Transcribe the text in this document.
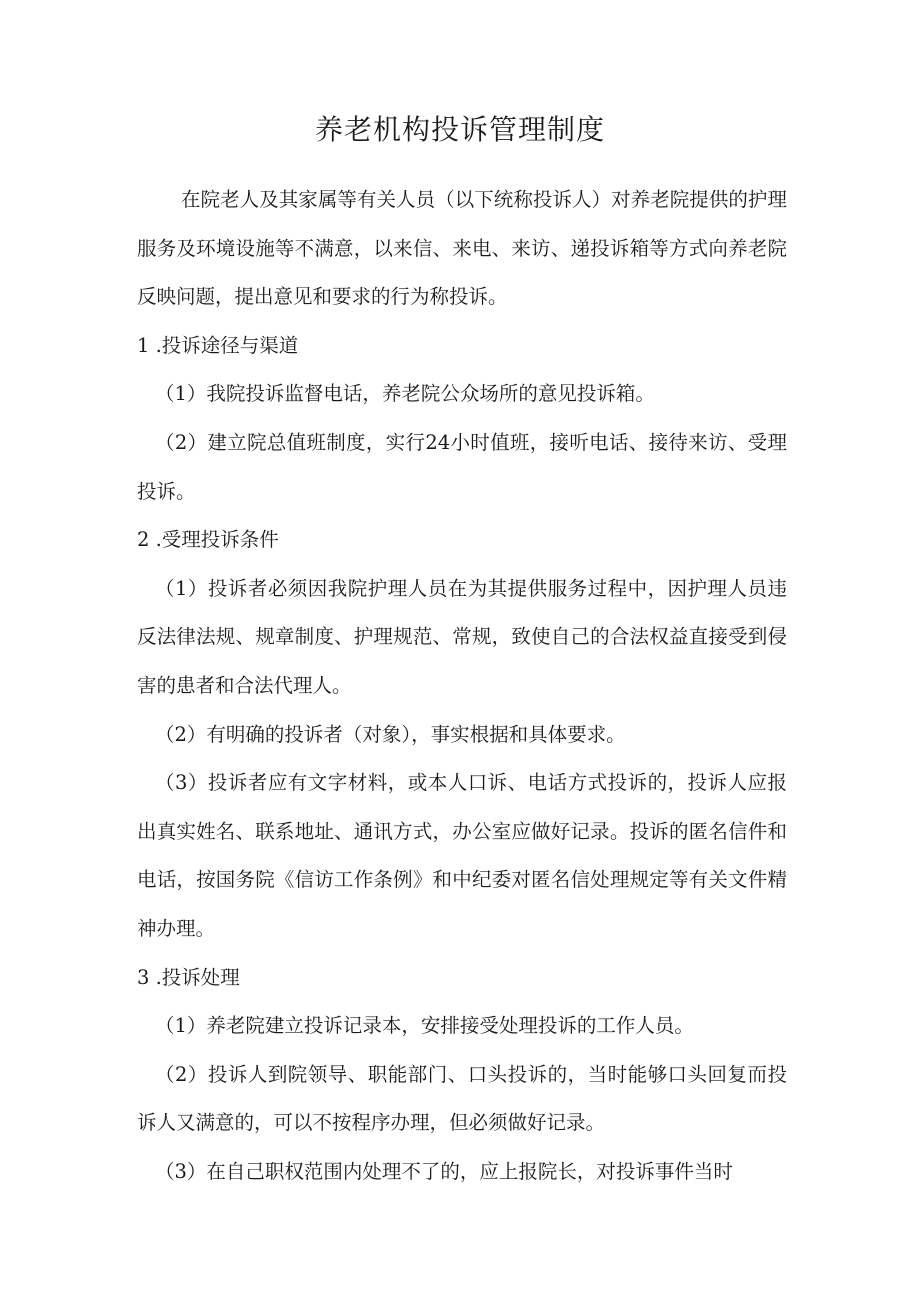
养老机构投诉管理制度

在院老人及其家属等有关人员（以下统称投诉人）对养老院提供的护理服务及环境设施等不满意，以来信、来电、来访、递投诉箱等方式向养老院反映问题，提出意见和要求的行为称投诉。

1 .投诉途径与渠道

（1）我院投诉监督电话，养老院公众场所的意见投诉箱。

（2）建立院总值班制度，实行24小时值班，接听电话、接待来访、受理投诉。

2 .受理投诉条件

（1）投诉者必须因我院护理人员在为其提供服务过程中，因护理人员违反法律法规、规章制度、护理规范、常规，致使自己的合法权益直接受到侵害的患者和合法代理人。

（2）有明确的投诉者（对象），事实根据和具体要求。

（3）投诉者应有文字材料，或本人口诉、电话方式投诉的，投诉人应报出真实姓名、联系地址、通讯方式，办公室应做好记录。投诉的匿名信件和电话，按国务院《信访工作条例》和中纪委对匿名信处理规定等有关文件精神办理。

3 .投诉处理

（1）养老院建立投诉记录本，安排接受处理投诉的工作人员。

（2）投诉人到院领导、职能部门、口头投诉的，当时能够口头回复而投诉人又满意的，可以不按程序办理，但必须做好记录。

（3）在自己职权范围内处理不了的，应上报院长，对投诉事件当时
